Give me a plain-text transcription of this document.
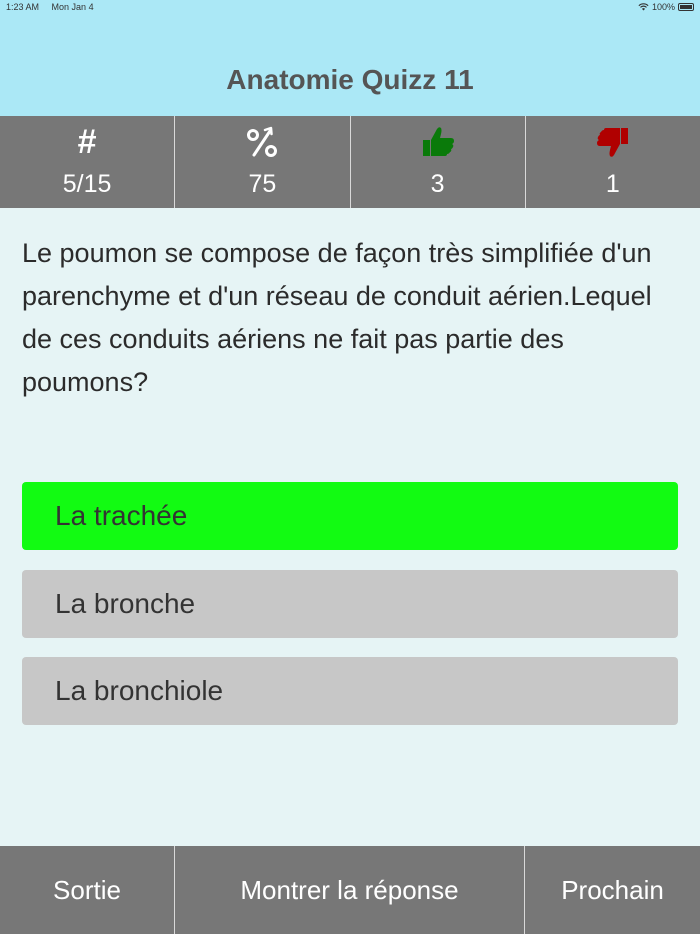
1:23 AM Mon Jan 4	100%
Anatomie Quizz 11
#
5/15	75	3	1
Le poumon se compose de façon très simplifiée d'un parenchyme et d'un réseau de conduit aérien.Lequel de ces conduits aériens ne fait pas partie des poumons?
La trachée
La bronche
La bronchiole
Sortie	Montrer la réponse	Prochain
